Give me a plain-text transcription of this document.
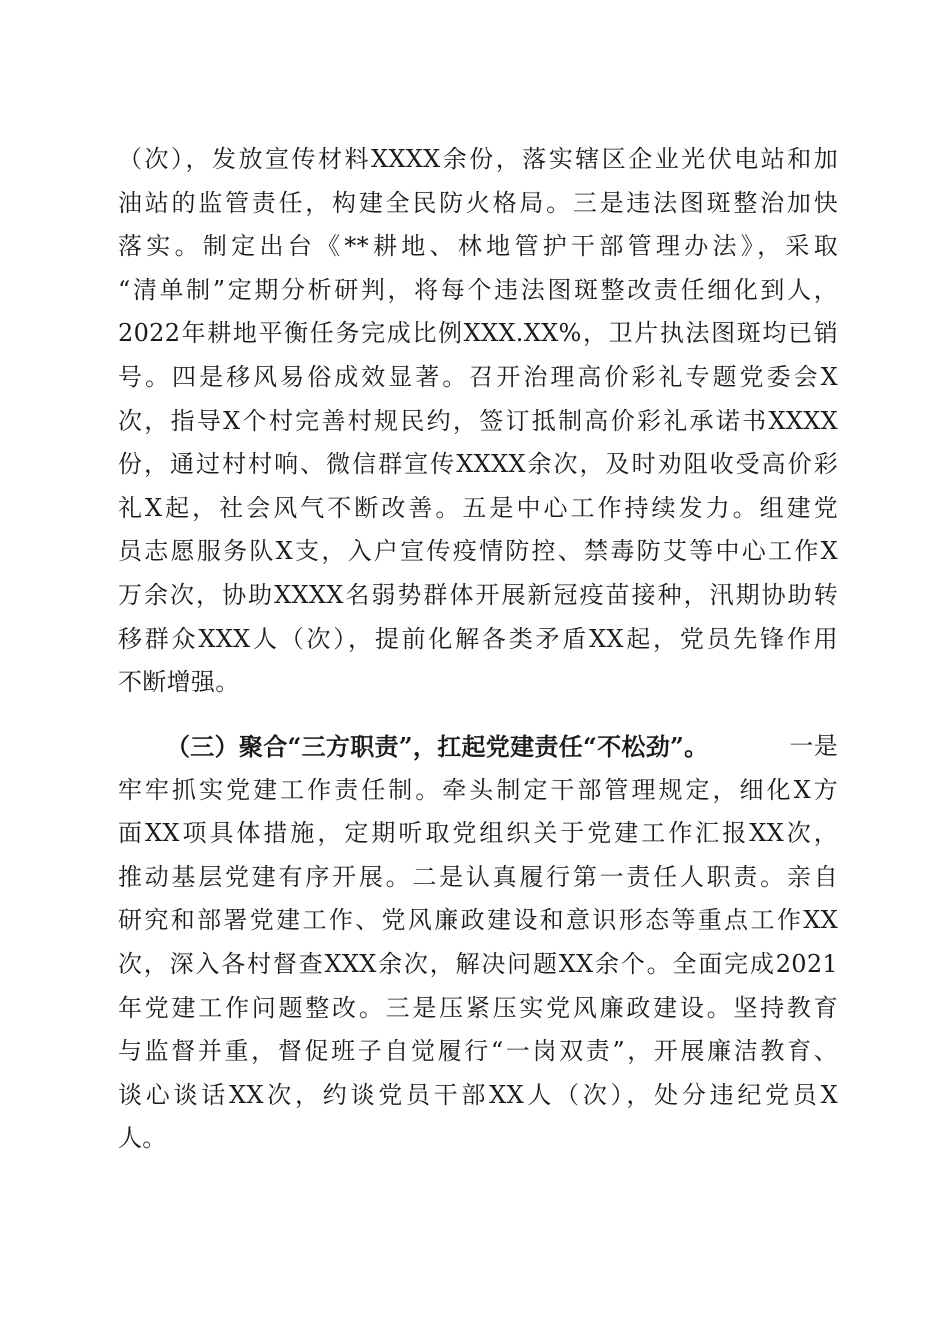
（次），发放宣传材料XXXX余份，落实辖区企业光伏电站和加
油站的监管责任，构建全民防火格局。三是违法图斑整治加快
落实。制定出台《**耕地、林地管护干部管理办法》，采取
“清单制”定期分析研判，将每个违法图斑整改责任细化到人，
2022年耕地平衡任务完成比例XXX.XX%，卫片执法图斑均已销
号。四是移风易俗成效显著。召开治理高价彩礼专题党委会X
次，指导X个村完善村规民约，签订抵制高价彩礼承诺书XXXX
份，通过村村响、微信群宣传XXXX余次，及时劝阻收受高价彩
礼X起，社会风气不断改善。五是中心工作持续发力。组建党
员志愿服务队X支，入户宣传疫情防控、禁毒防艾等中心工作X
万余次，协助XXXX名弱势群体开展新冠疫苗接种，汛期协助转
移群众XXX人（次），提前化解各类矛盾XX起，党员先锋作用
不断增强。
（三）聚合“三方职责”，扛起党建责任“不松劲”。	一是
牢牢抓实党建工作责任制。牵头制定干部管理规定，细化X方
面XX项具体措施，定期听取党组织关于党建工作汇报XX次，
推动基层党建有序开展。二是认真履行第一责任人职责。亲自
研究和部署党建工作、党风廉政建设和意识形态等重点工作XX
次，深入各村督查XXX余次，解决问题XX余个。全面完成2021
年党建工作问题整改。三是压紧压实党风廉政建设。坚持教育
与监督并重，督促班子自觉履行“一岗双责”，开展廉洁教育、
谈心谈话XX次，约谈党员干部XX人（次），处分违纪党员X
人。
